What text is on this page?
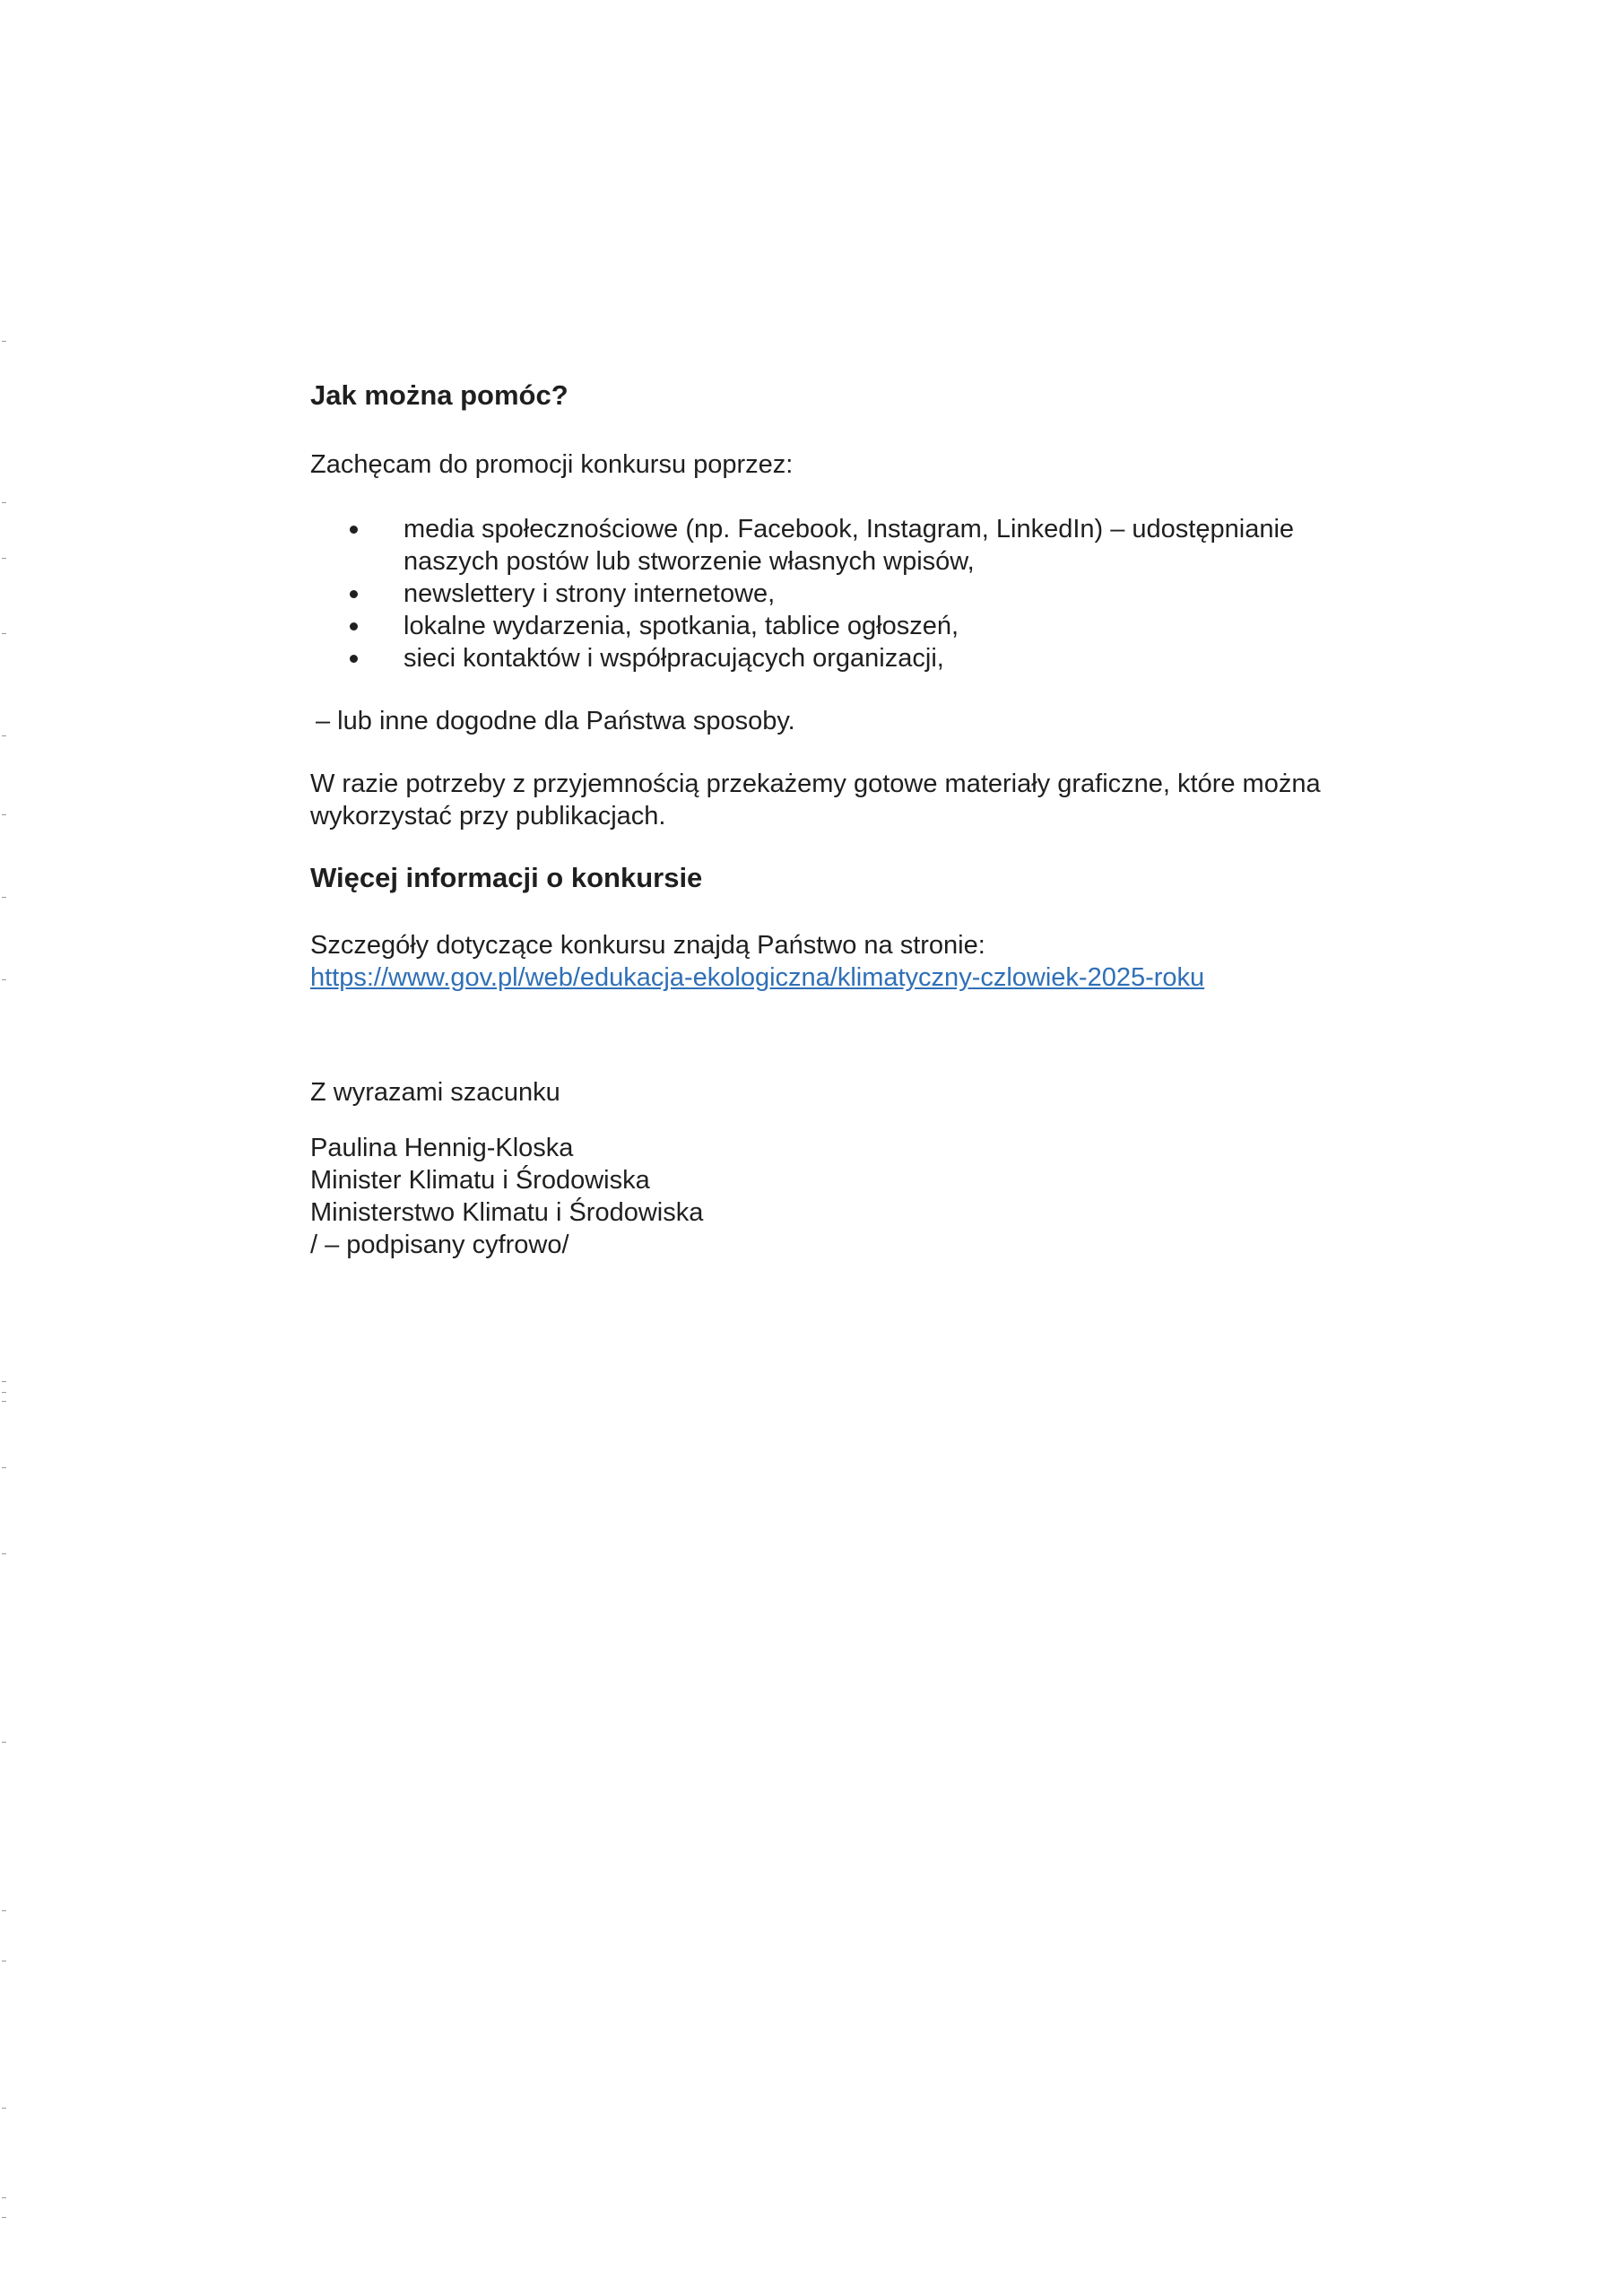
Jak można pomóc?

Zachęcam do promocji konkursu poprzez:

media społecznościowe (np. Facebook, Instagram, LinkedIn) – udostępnianie
naszych postów lub stworzenie własnych wpisów,
newslettery i strony internetowe,
lokalne wydarzenia, spotkania, tablice ogłoszeń,
sieci kontaktów i współpracujących organizacji,

– lub inne dogodne dla Państwa sposoby.

W razie potrzeby z przyjemnością przekażemy gotowe materiały graficzne, które można
wykorzystać przy publikacjach.

Więcej informacji o konkursie

Szczegóły dotyczące konkursu znajdą Państwo na stronie:
https://www.gov.pl/web/edukacja-ekologiczna/klimatyczny-czlowiek-2025-roku

Z wyrazami szacunku

Paulina Hennig-Kloska
Minister Klimatu i Środowiska
Ministerstwo Klimatu i Środowiska
/ – podpisany cyfrowo/
